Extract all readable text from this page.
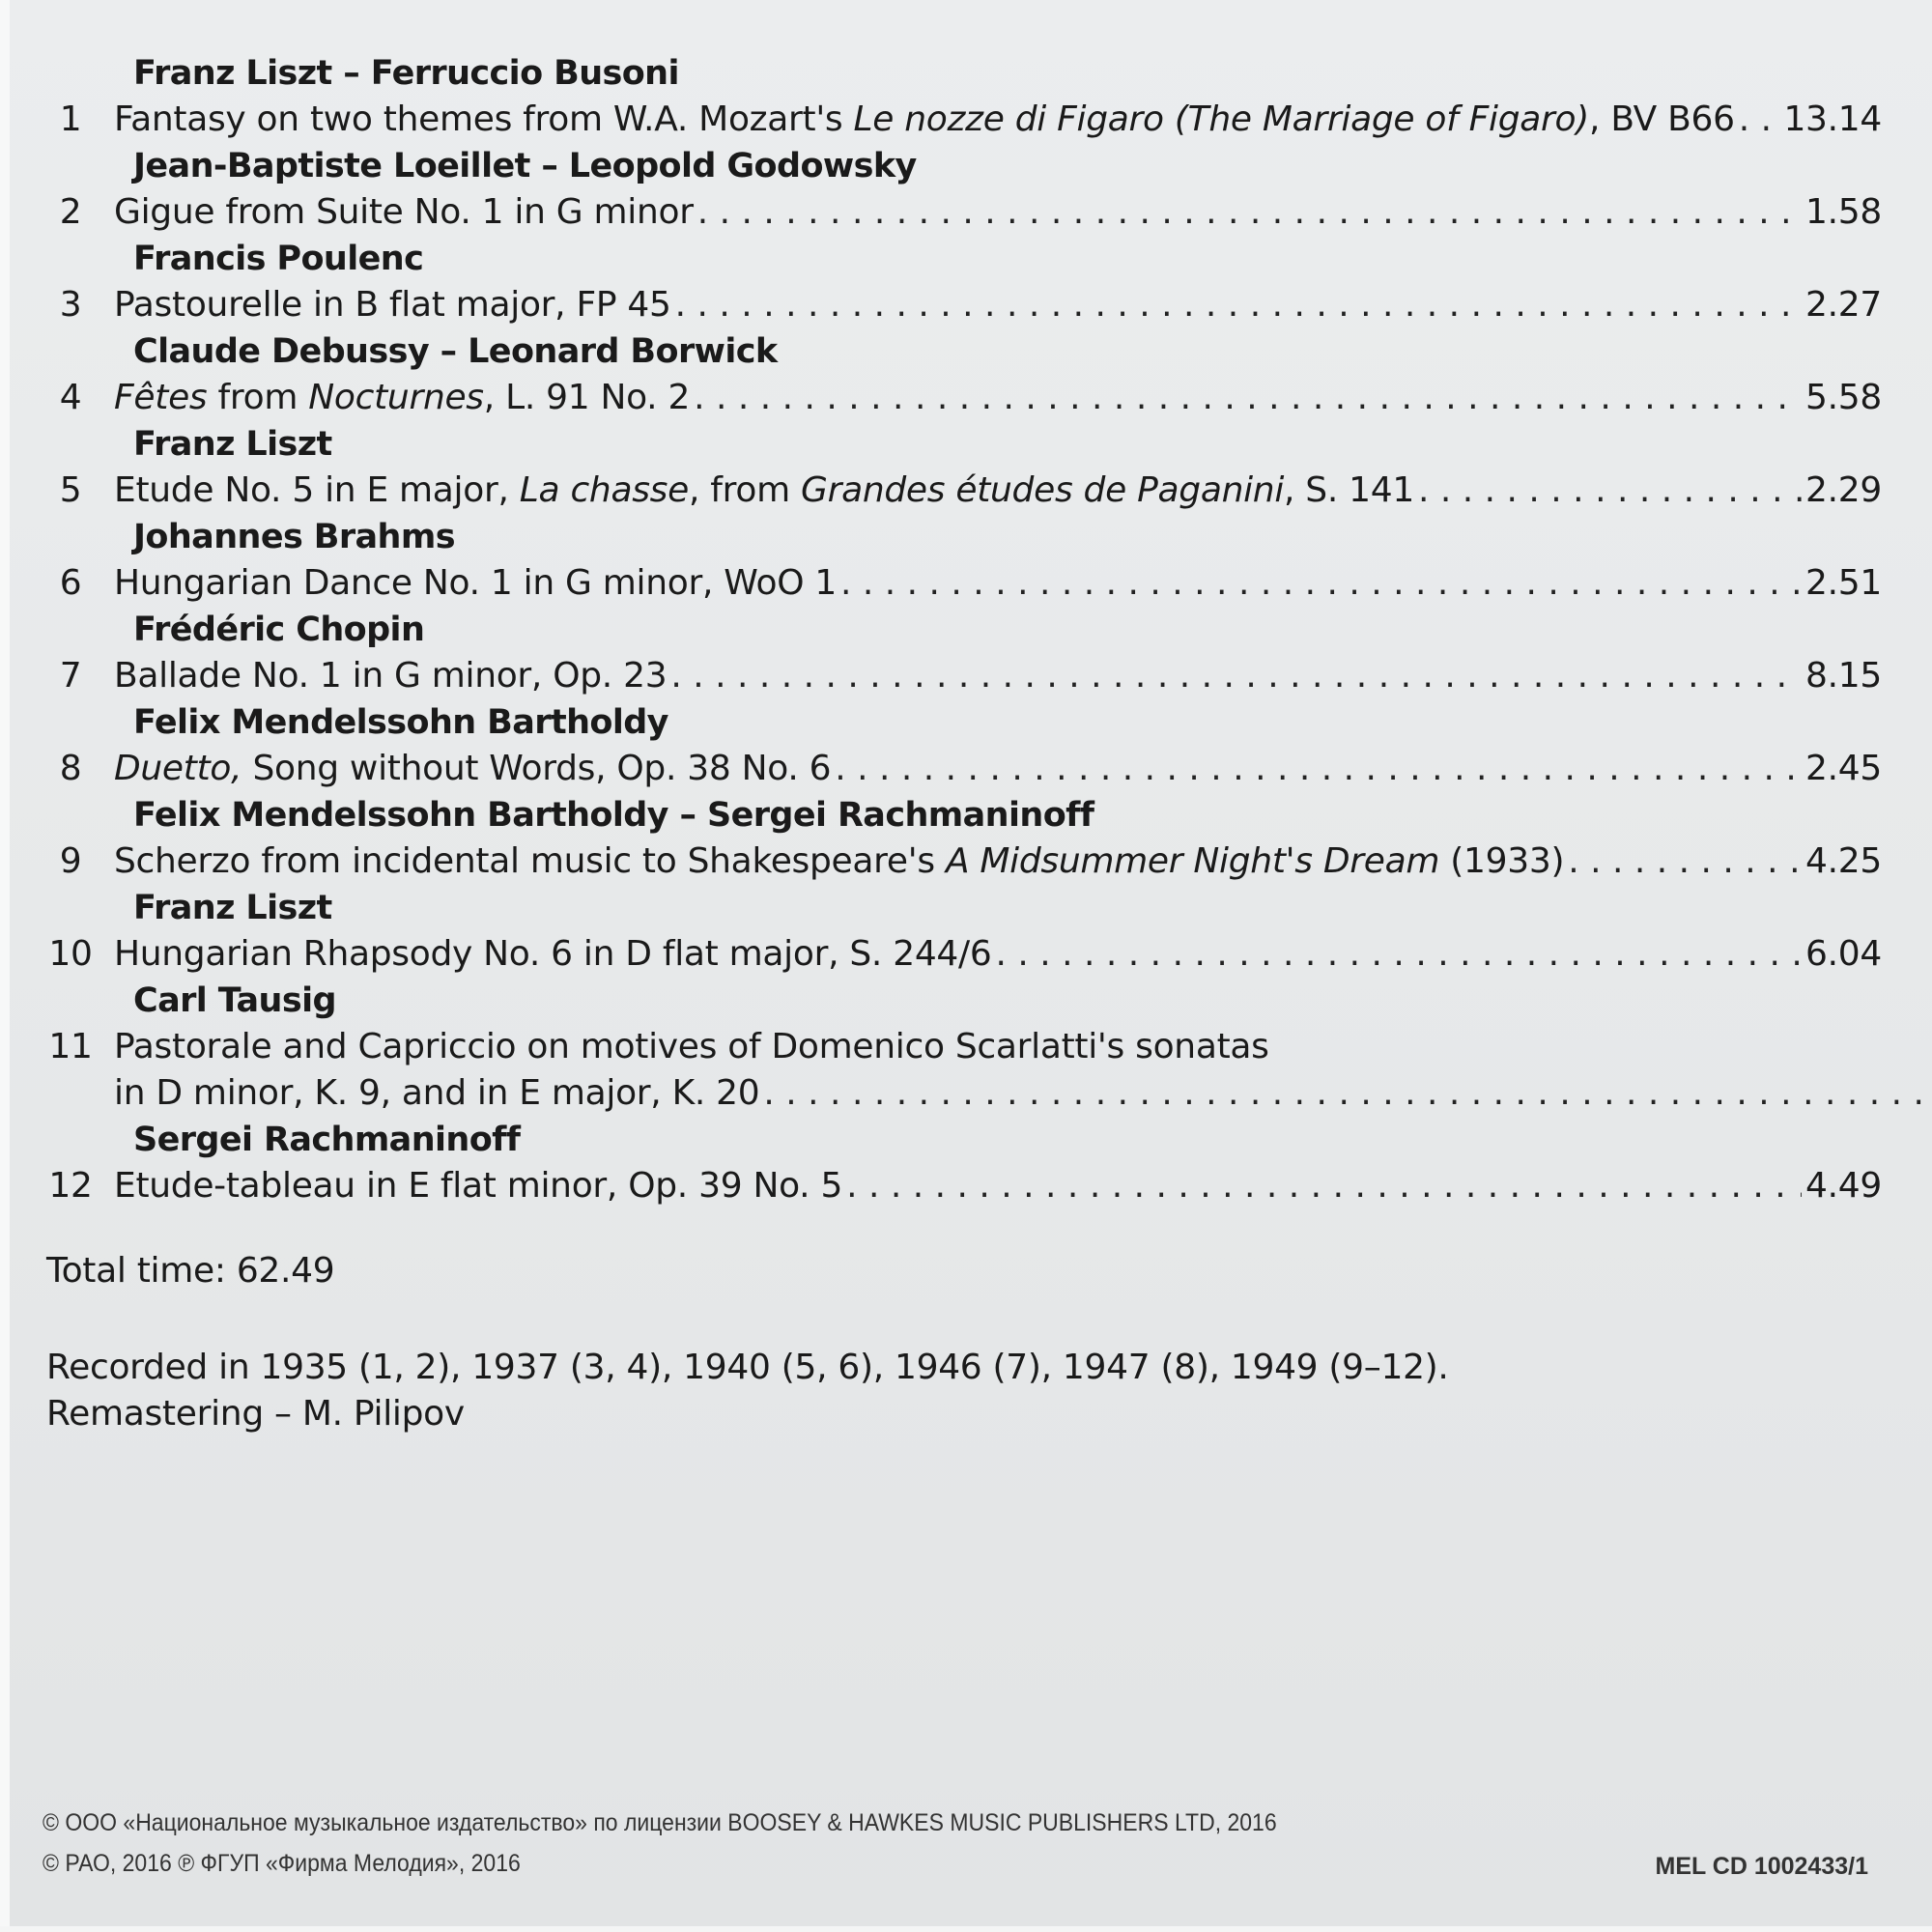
Franz Liszt – Ferruccio Busoni
1 Fantasy on two themes from W.A. Mozart's Le nozze di Figaro (The Marriage of Figaro), BV B66 . . . 13.14
Jean-Baptiste Loeillet – Leopold Godowsky
2 Gigue from Suite No. 1 in G minor . . .	1.58
Francis Poulenc
3 Pastourelle in B flat major, FP 45 . . .	2.27
Claude Debussy – Leonard Borwick
4 Fêtes from Nocturnes, L. 91 No. 2 . . .	5.58
Franz Liszt
5 Etude No. 5 in E major, La chasse, from Grandes études de Paganini, S. 141 . . .	2.29
Johannes Brahms
6 Hungarian Dance No. 1 in G minor, WoO 1 . . .	2.51
Frédéric Chopin
7 Ballade No. 1 in G minor, Op. 23 . . .	8.15
Felix Mendelssohn Bartholdy
8 Duetto, Song without Words, Op. 38 No. 6 . . .	2.45
Felix Mendelssohn Bartholdy – Sergei Rachmaninoff
9 Scherzo from incidental music to Shakespeare's A Midsummer Night's Dream (1933) . . .	4.25
Franz Liszt
10 Hungarian Rhapsody No. 6 in D flat major, S. 244/6 . . .	6.04
Carl Tausig
11 Pastorale and Capriccio on motives of Domenico Scarlatti's sonatas
in D minor, K. 9, and in E major, K. 20
. . .
Sergei Rachmaninoff
12 Etude-tableau in E flat minor, Op. 39 No. 5 . . .	4.49
Total time: 62.49
Recorded in 1935 (1, 2), 1937 (3, 4), 1940 (5, 6), 1946 (7), 1947 (8), 1949 (9–12).
Remastering – M. Pilipov
© ООО «Национальное музыкальное издательство» по лицензии BOOSEY & HAWKES MUSIC PUBLISHERS LTD, 2016
© РАО, 2016 ℗ ФГУП «Фирма Мелодия», 2016	MEL CD 1002433/1
